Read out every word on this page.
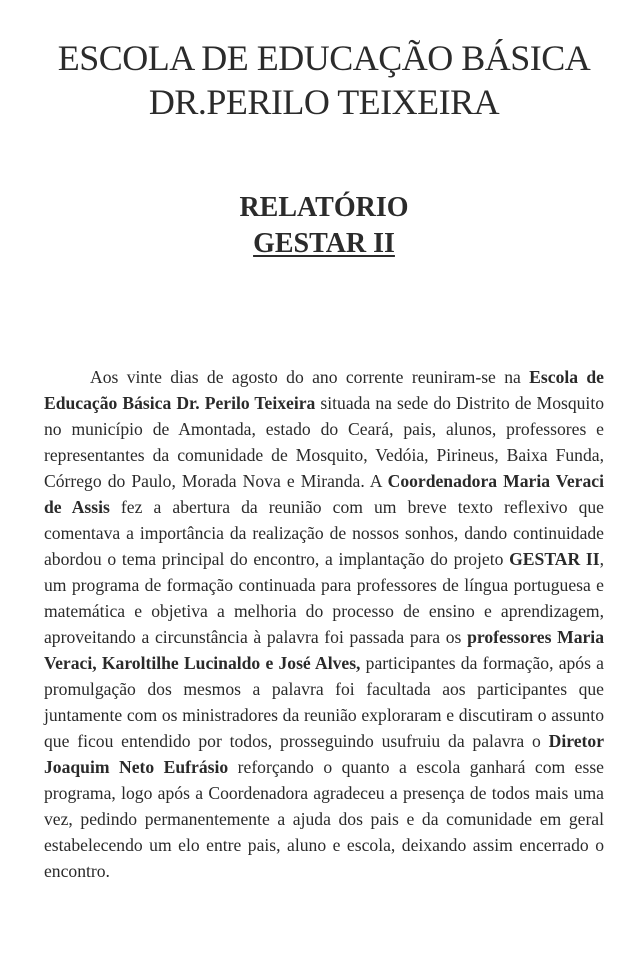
ESCOLA DE EDUCAÇÃO BÁSICA
DR.PERILO TEIXEIRA
RELATÓRIO
GESTAR II

Aos vinte dias de agosto do ano corrente reuniram-se na Escola de Educação Básica Dr. Perilo Teixeira situada na sede do Distrito de Mosquito no município de Amontada, estado do Ceará, pais, alunos, professores e representantes da comunidade de Mosquito, Vedóia, Pirineus, Baixa Funda, Córrego do Paulo, Morada Nova e Miranda. A Coordenadora Maria Veraci de Assis fez a abertura da reunião com um breve texto reflexivo que comentava a importância da realização de nossos sonhos, dando continuidade abordou o tema principal do encontro, a implantação do projeto GESTAR II, um programa de formação continuada para professores de língua portuguesa e matemática e objetiva a melhoria do processo de ensino e aprendizagem, aproveitando a circunstância à palavra foi passada para os professores Maria Veraci, Karoltilhe Lucinaldo e José Alves, participantes da formação, após a promulgação dos mesmos a palavra foi facultada aos participantes que juntamente com os ministradores da reunião exploraram e discutiram o assunto que ficou entendido por todos, prosseguindo usufruiu da palavra o Diretor Joaquim Neto Eufrásio reforçando o quanto a escola ganhará com esse programa, logo após a Coordenadora agradeceu a presença de todos mais uma vez, pedindo permanentemente a ajuda dos pais e da comunidade em geral estabelecendo um elo entre pais, aluno e escola, deixando assim encerrado o encontro.
